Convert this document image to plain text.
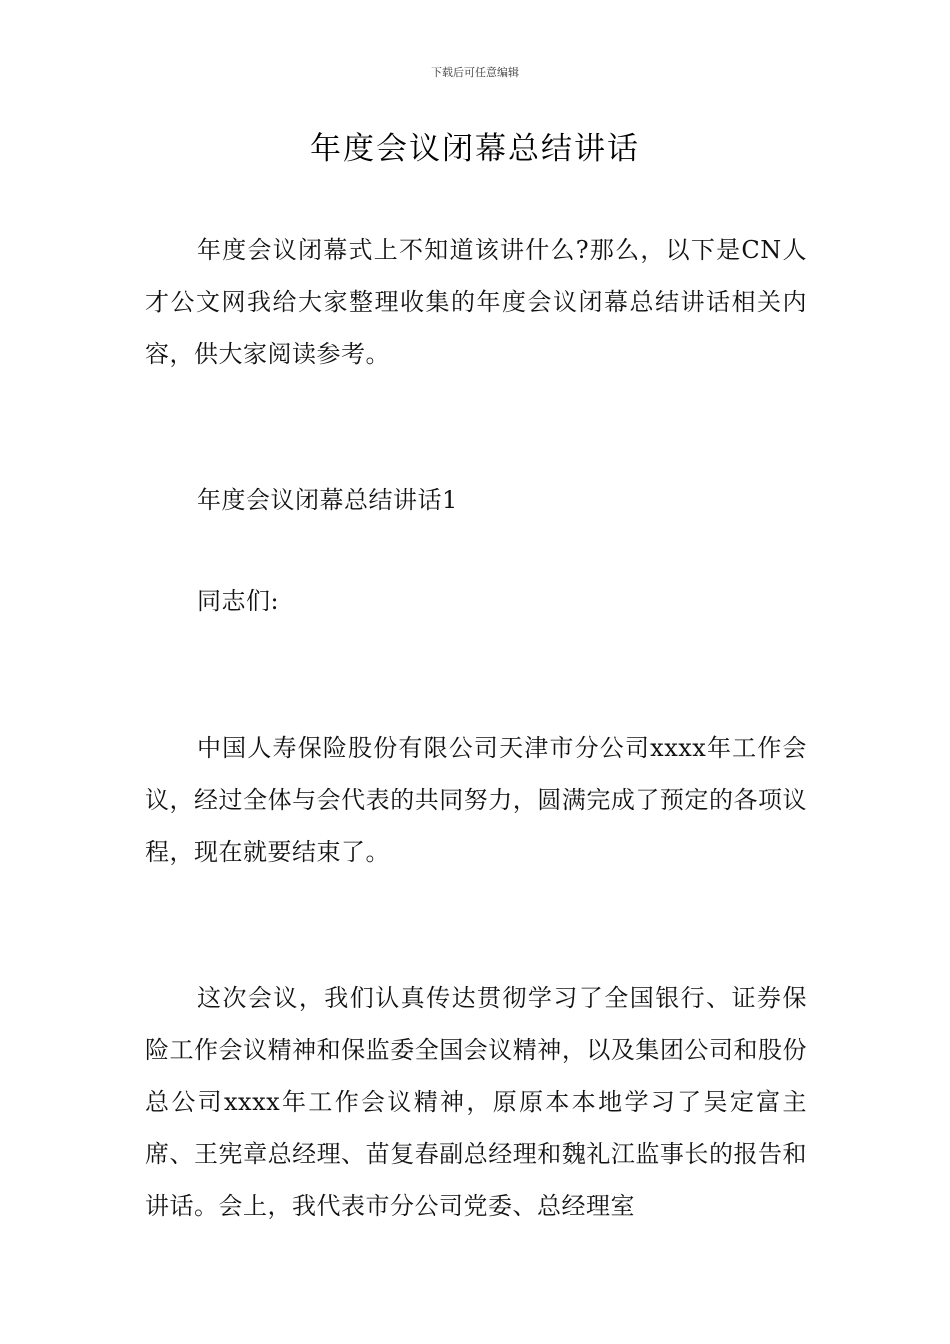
下载后可任意编辑
年度会议闭幕总结讲话

年度会议闭幕式上不知道该讲什么?那么，以下是CN人才公文网我给大家整理收集的年度会议闭幕总结讲话相关内容，供大家阅读参考。

年度会议闭幕总结讲话1

同志们:

中国人寿保险股份有限公司天津市分公司xxxx年工作会议，经过全体与会代表的共同努力，圆满完成了预定的各项议程，现在就要结束了。

这次会议，我们认真传达贯彻学习了全国银行、证券保险工作会议精神和保监委全国会议精神，以及集团公司和股份总公司xxxx年工作会议精神，原原本本地学习了吴定富主席、王宪章总经理、苗复春副总经理和魏礼江监事长的报告和讲话。会上，我代表市分公司党委、总经理室
